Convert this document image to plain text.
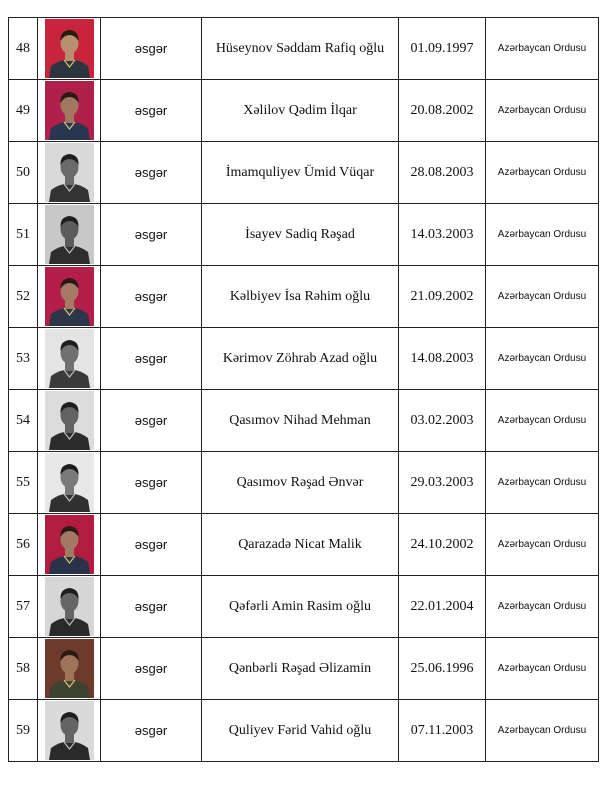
48		əsgər	Hüseynov Səddam Rafiq oğlu	01.09.1997	Azərbaycan Ordusu
49		əsgər	Xəlilov Qədim İlqar	20.08.2002	Azərbaycan Ordusu
50		əsgər	İmamquliyev Ümid Vüqar	28.08.2003	Azərbaycan Ordusu
51		əsgər	İsayev Sadiq Rəşad	14.03.2003	Azərbaycan Ordusu
52		əsgər	Kəlbiyev İsa Rəhim oğlu	21.09.2002	Azərbaycan Ordusu
53		əsgər	Kərimov Zöhrab Azad oğlu	14.08.2003	Azərbaycan Ordusu
54		əsgər	Qasımov Nihad Mehman	03.02.2003	Azərbaycan Ordusu
55		əsgər	Qasımov Rəşad Ənvər	29.03.2003	Azərbaycan Ordusu
56		əsgər	Qarazadə Nicat Malik	24.10.2002	Azərbaycan Ordusu
57		əsgər	Qəfərli Amin Rasim oğlu	22.01.2004	Azərbaycan Ordusu
58		əsgər	Qənbərli Rəşad Əlizamin	25.06.1996	Azərbaycan Ordusu
59		əsgər	Quliyev Fərid Vahid oğlu	07.11.2003	Azərbaycan Ordusu
